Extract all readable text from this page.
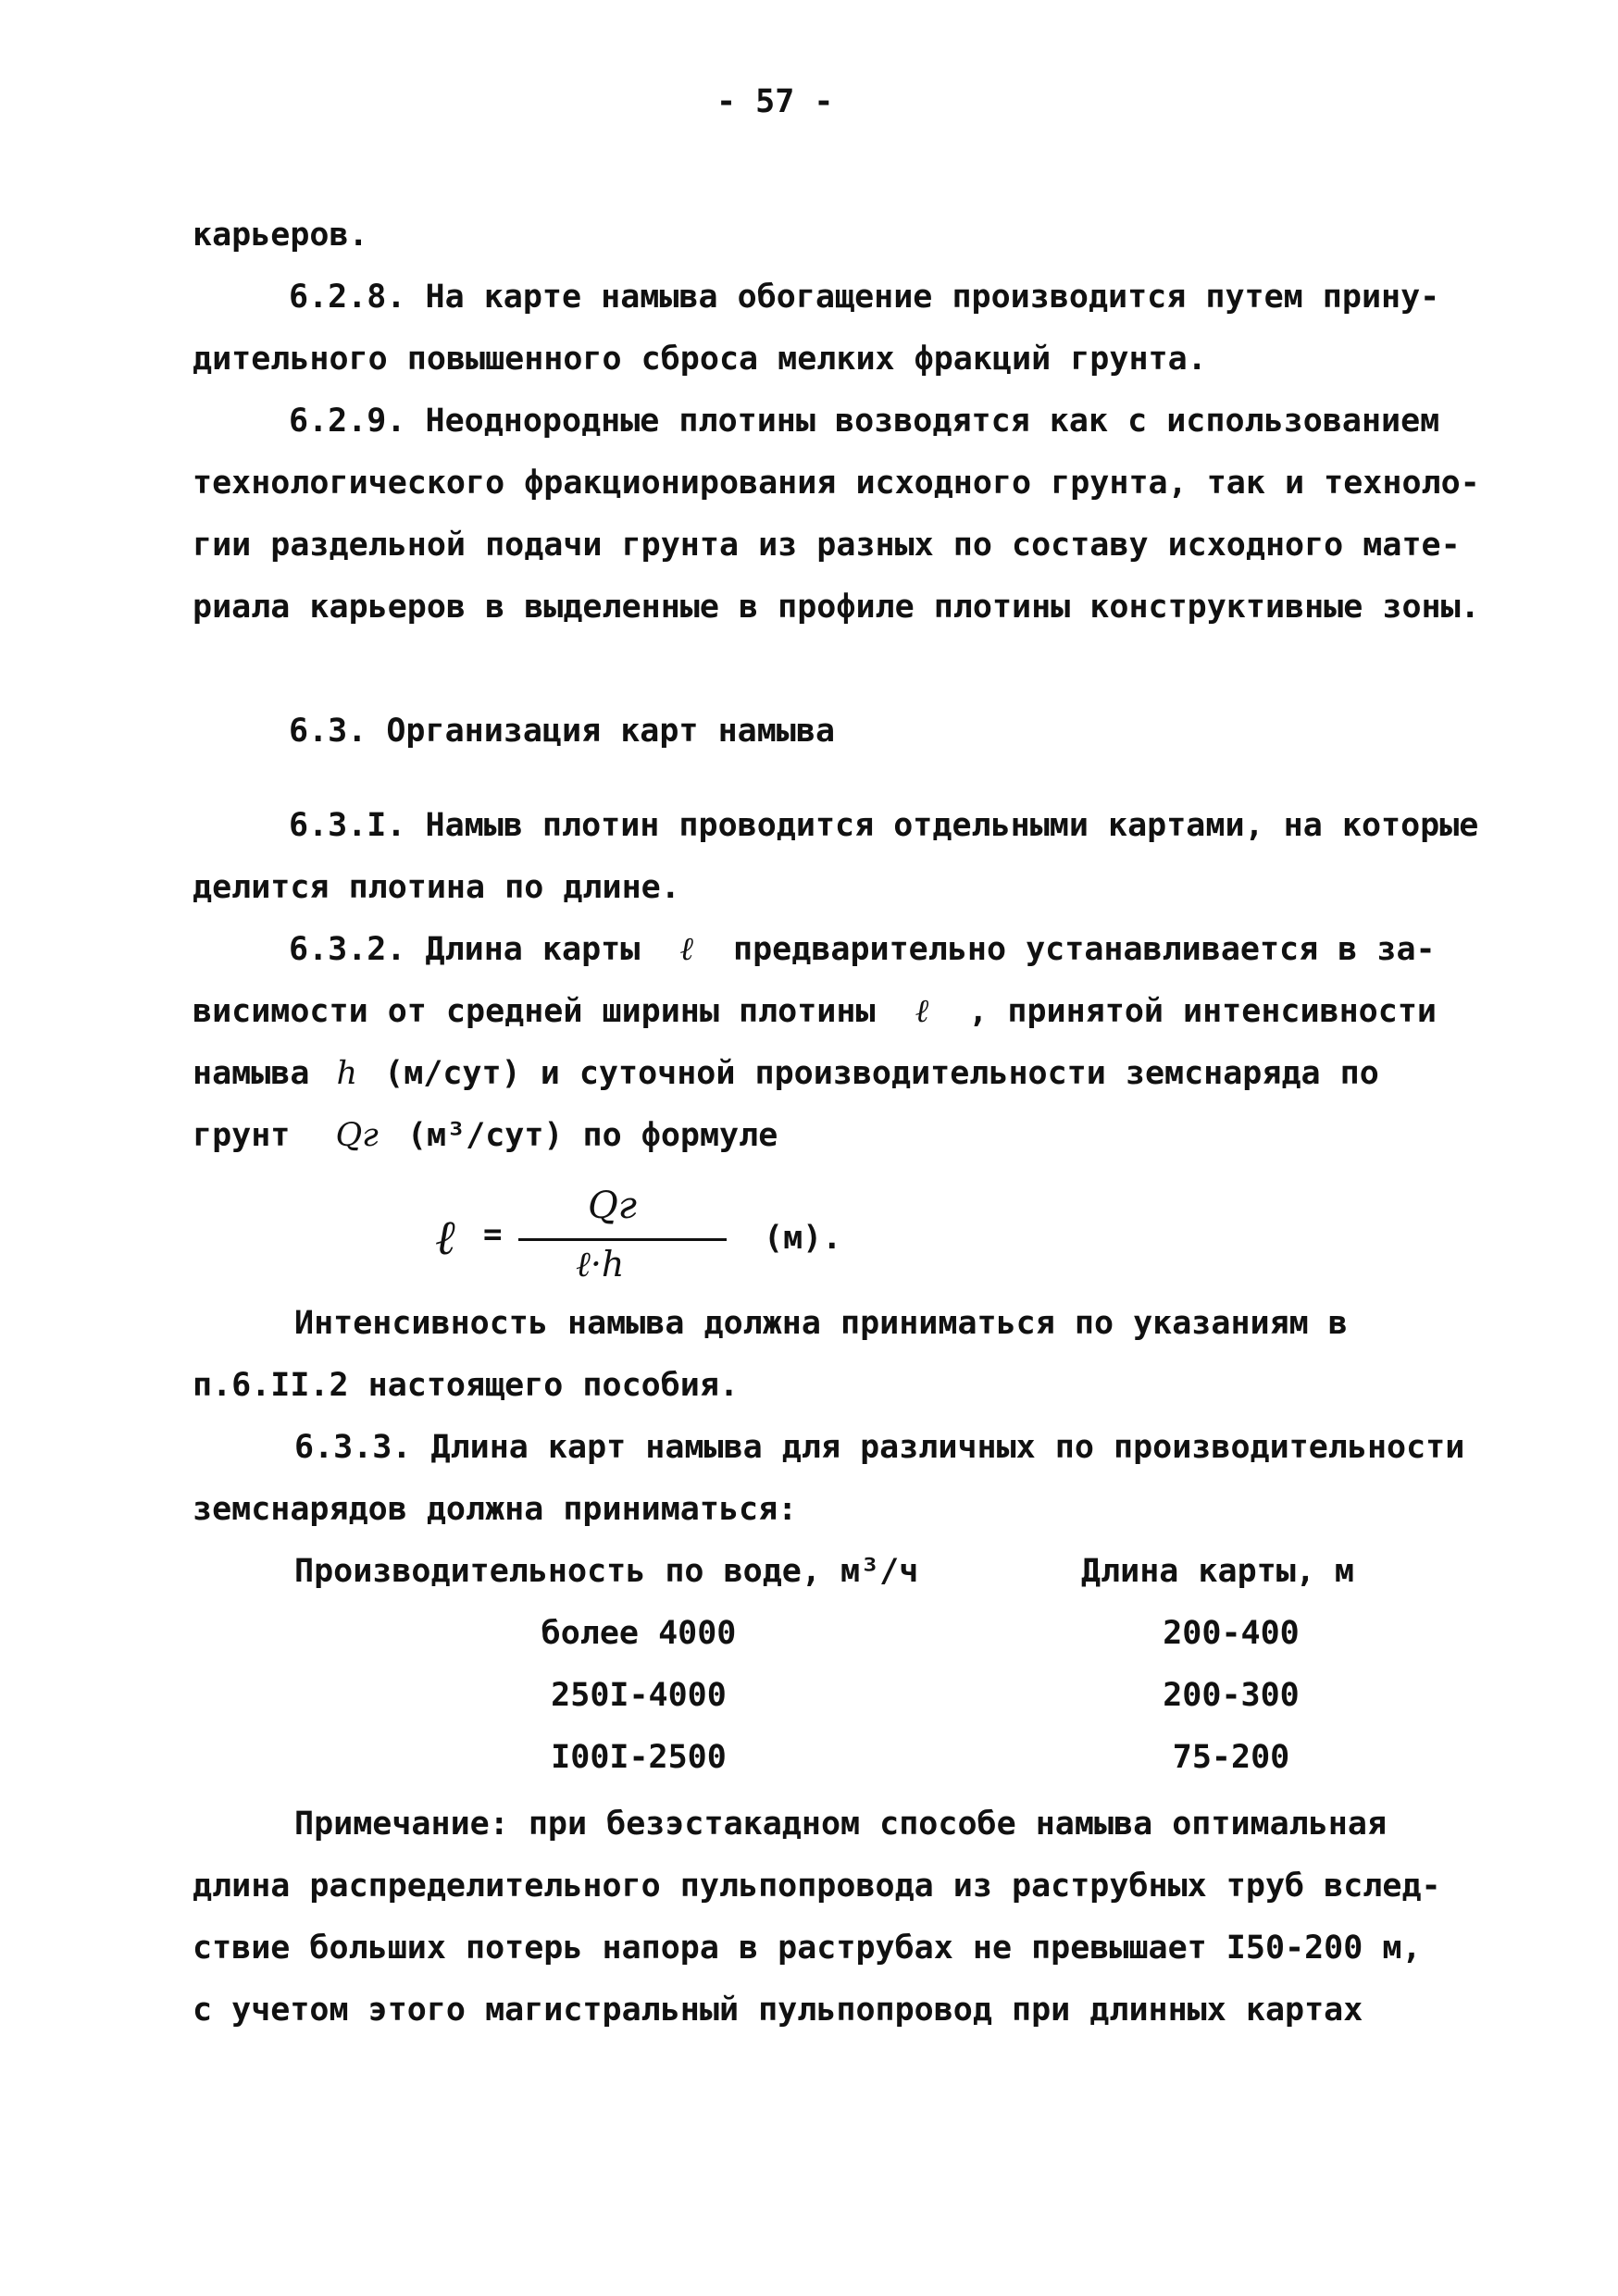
- 57 -
карьеров.
6.2.8. На карте намыва обогащение производится путем прину-
дительного повышенного сброса мелких фракций грунта.
6.2.9. Неоднородные плотины возводятся как с использованием
технологического фракционирования исходного грунта, так и техноло-
гии раздельной подачи грунта из разных по составу исходного мате-
риала карьеров в выделенные в профиле плотины конструктивные зоны.
6.3. Организация карт намыва
6.3.I. Намыв плотин проводится отдельными картами, на которые
делится плотина по длине.
6.3.2. Длина карты ℓ предварительно устанавливается в за-
висимости от средней ширины плотины ℓ , принятой интенсивности
намыва h (м/сут) и суточной производительности земснаряда по
грунт Qг (м³/сут) по формуле
ℓ =
Qг
ℓ·h
(м).
Интенсивность намыва должна приниматься по указаниям в
п.6.II.2 настоящего пособия.
6.3.3. Длина карт намыва для различных по производительности
земснарядов должна приниматься:
Производительность по воде, м³/ч	Длина карты, м
более 4000	200-400
250I-4000	200-300
I00I-2500	75-200
Примечание: при безэстакадном способе намыва оптимальная
длина распределительного пульпопровода из раструбных труб вслед-
ствие больших потерь напора в раструбах не превышает I50-200 м,
с учетом этого магистральный пульпопровод при длинных картах
